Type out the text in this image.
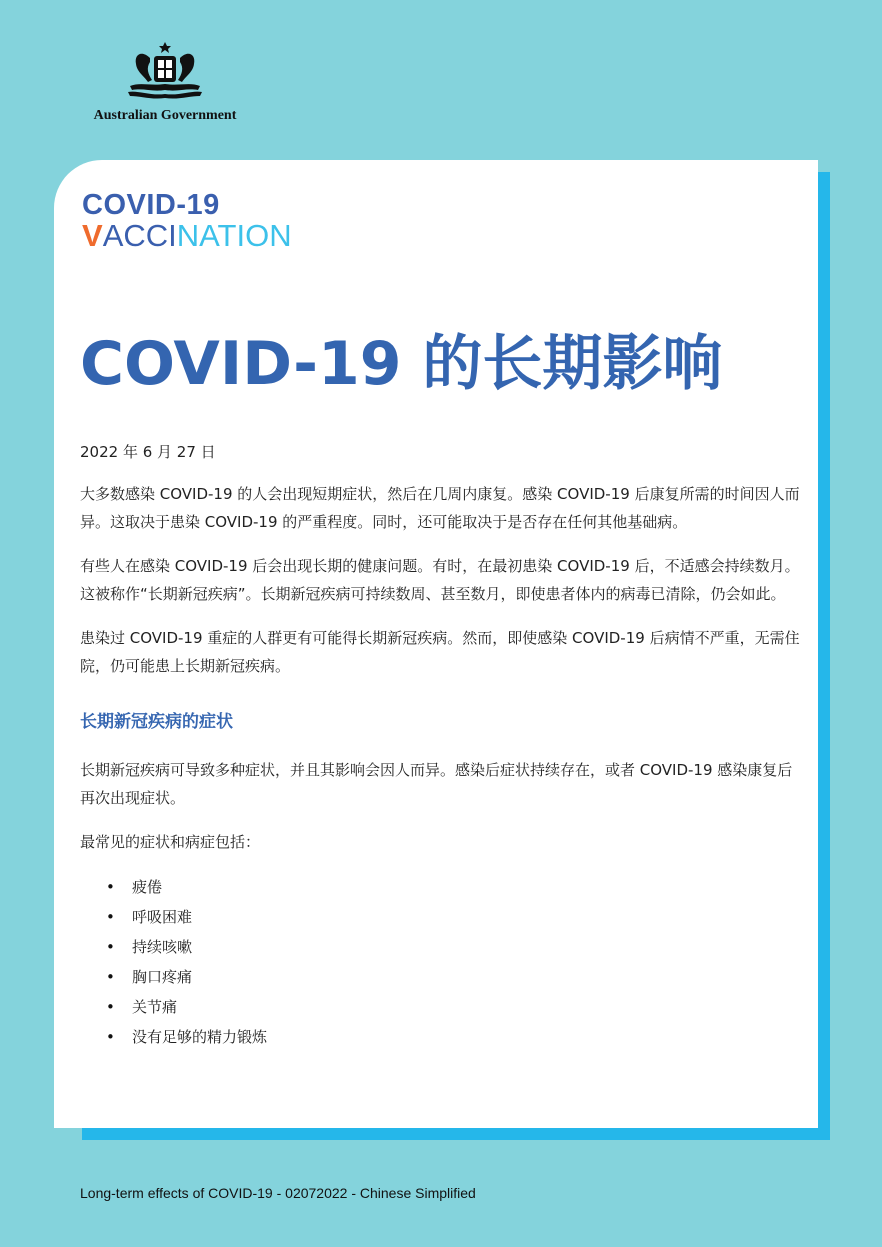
Australian Government
COVID-19
VACCINATION
COVID-19 的长期影响

2022 年 6 月 27 日

大多数感染 COVID-19 的人会出现短期症状，然后在几周内康复。感染 COVID-19 后康复所需的时间因人而异。这取决于患染 COVID-19 的严重程度。同时，还可能取决于是否存在任何其他基础病。

有些人在感染 COVID-19 后会出现长期的健康问题。有时，在最初患染 COVID-19 后，不适感会持续数月。这被称作“长期新冠疾病”。长期新冠疾病可持续数周、甚至数月，即使患者体内的病毒已清除，仍会如此。

患染过 COVID-19 重症的人群更有可能得长期新冠疾病。然而，即使感染 COVID-19 后病情不严重，无需住院，仍可能患上长期新冠疾病。

长期新冠疾病的症状

长期新冠疾病可导致多种症状，并且其影响会因人而异。感染后症状持续存在，或者 COVID-19 感染康复后再次出现症状。

最常见的症状和病症包括：

• 疲倦
• 呼吸困难
• 持续咳嗽
• 胸口疼痛
• 关节痛
• 没有足够的精力锻炼
Long-term effects of COVID-19 - 02072022 - Chinese Simplified
